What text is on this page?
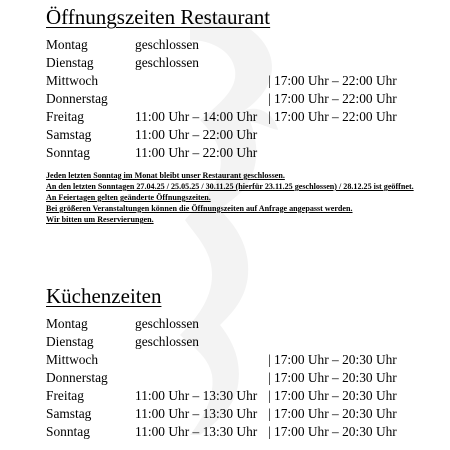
Öffnungszeiten Restaurant
Montag	geschlossen	
Dienstag	geschlossen	
Mittwoch		| 17:00 Uhr – 22:00 Uhr
Donnerstag		| 17:00 Uhr – 22:00 Uhr
Freitag	11:00 Uhr – 14:00 Uhr	| 17:00 Uhr – 22:00 Uhr
Samstag	11:00 Uhr – 22:00 Uhr	
Sonntag	11:00 Uhr – 22:00 Uhr	

Jeden letzten Sonntag im Monat bleibt unser Restaurant geschlossen.

An den letzten Sonntagen 27.04.25 / 25.05.25 / 30.11.25 (hierfür 23.11.25 geschlossen) / 28.12.25 ist geöffnet.

An Feiertagen gelten geänderte Öffnungszeiten.

Bei größeren Veranstaltungen können die Öffnungszeiten auf Anfrage angepasst werden.

Wir bitten um Reservierungen.

Küchenzeiten
Montag	geschlossen	
Dienstag	geschlossen	
Mittwoch		| 17:00 Uhr – 20:30 Uhr
Donnerstag		| 17:00 Uhr – 20:30 Uhr
Freitag	11:00 Uhr – 13:30 Uhr	| 17:00 Uhr – 20:30 Uhr
Samstag	11:00 Uhr – 13:30 Uhr	| 17:00 Uhr – 20:30 Uhr
Sonntag	11:00 Uhr – 13:30 Uhr	| 17:00 Uhr – 20:30 Uhr
